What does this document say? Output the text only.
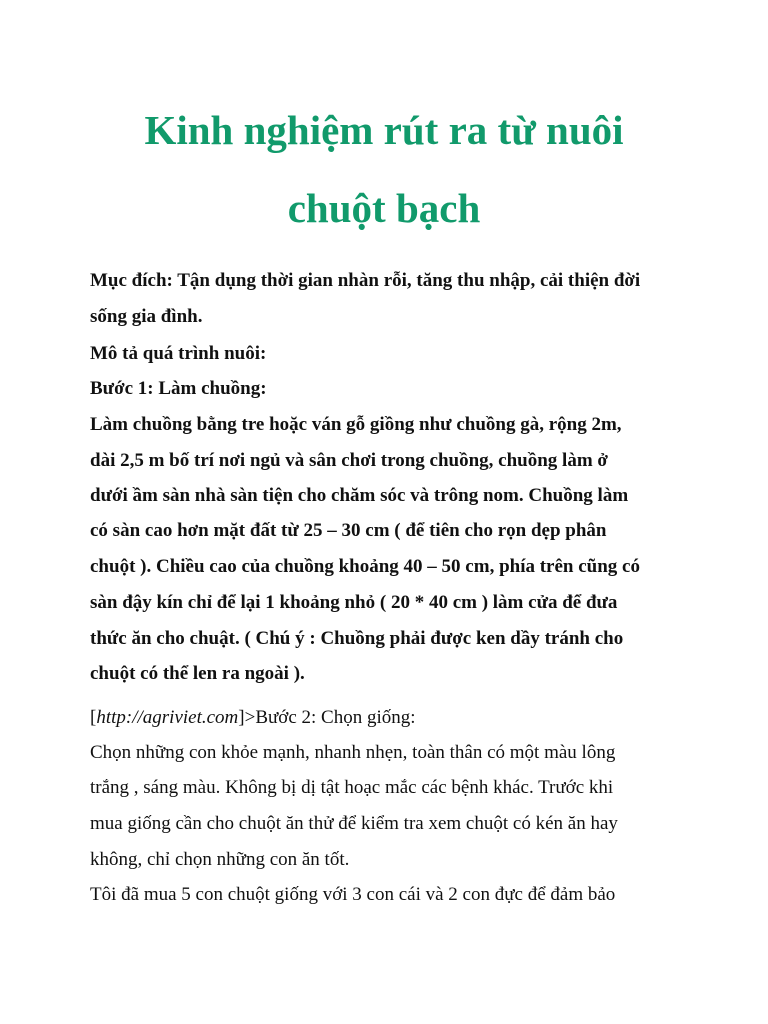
Kinh nghiệm rút ra từ nuôi
chuột bạch

Mục đích: Tận dụng thời gian nhàn rỗi, tăng thu nhập, cải thiện đời

sống gia đình.

Mô tả quá trình nuôi:

Bước 1: Làm chuồng:

Làm chuồng bằng tre hoặc ván gỗ giồng như chuồng gà, rộng 2m,

dài 2,5 m bố trí nơi ngủ và sân chơi trong chuồng, chuồng làm ở

dưới ầm sàn nhà sàn tiện cho chăm sóc và trông nom. Chuồng làm

có sàn cao hơn mặt đất từ 25 – 30 cm ( để tiên cho rọn dẹp phân

chuột ). Chiều cao của chuồng khoảng 40 – 50 cm, phía trên cũng có

sàn đậy kín chỉ để lại 1 khoảng nhỏ ( 20 * 40 cm ) làm cửa để đưa

thức ăn cho chuật. ( Chú ý : Chuồng phải được ken dầy tránh cho

chuột có thể len ra ngoài ).

[http://agriviet.com]>Bước 2: Chọn giống:

Chọn những con khỏe mạnh, nhanh nhẹn, toàn thân có một màu lông

trắng , sáng màu. Không bị dị tật hoạc mắc các bệnh khác. Trước khi

mua giống cần cho chuột ăn thử để kiểm tra xem chuột có kén ăn hay

không, chỉ chọn những con ăn tốt.

Tôi đã mua 5 con chuột giống với 3 con cái và 2 con đực để đảm bảo
